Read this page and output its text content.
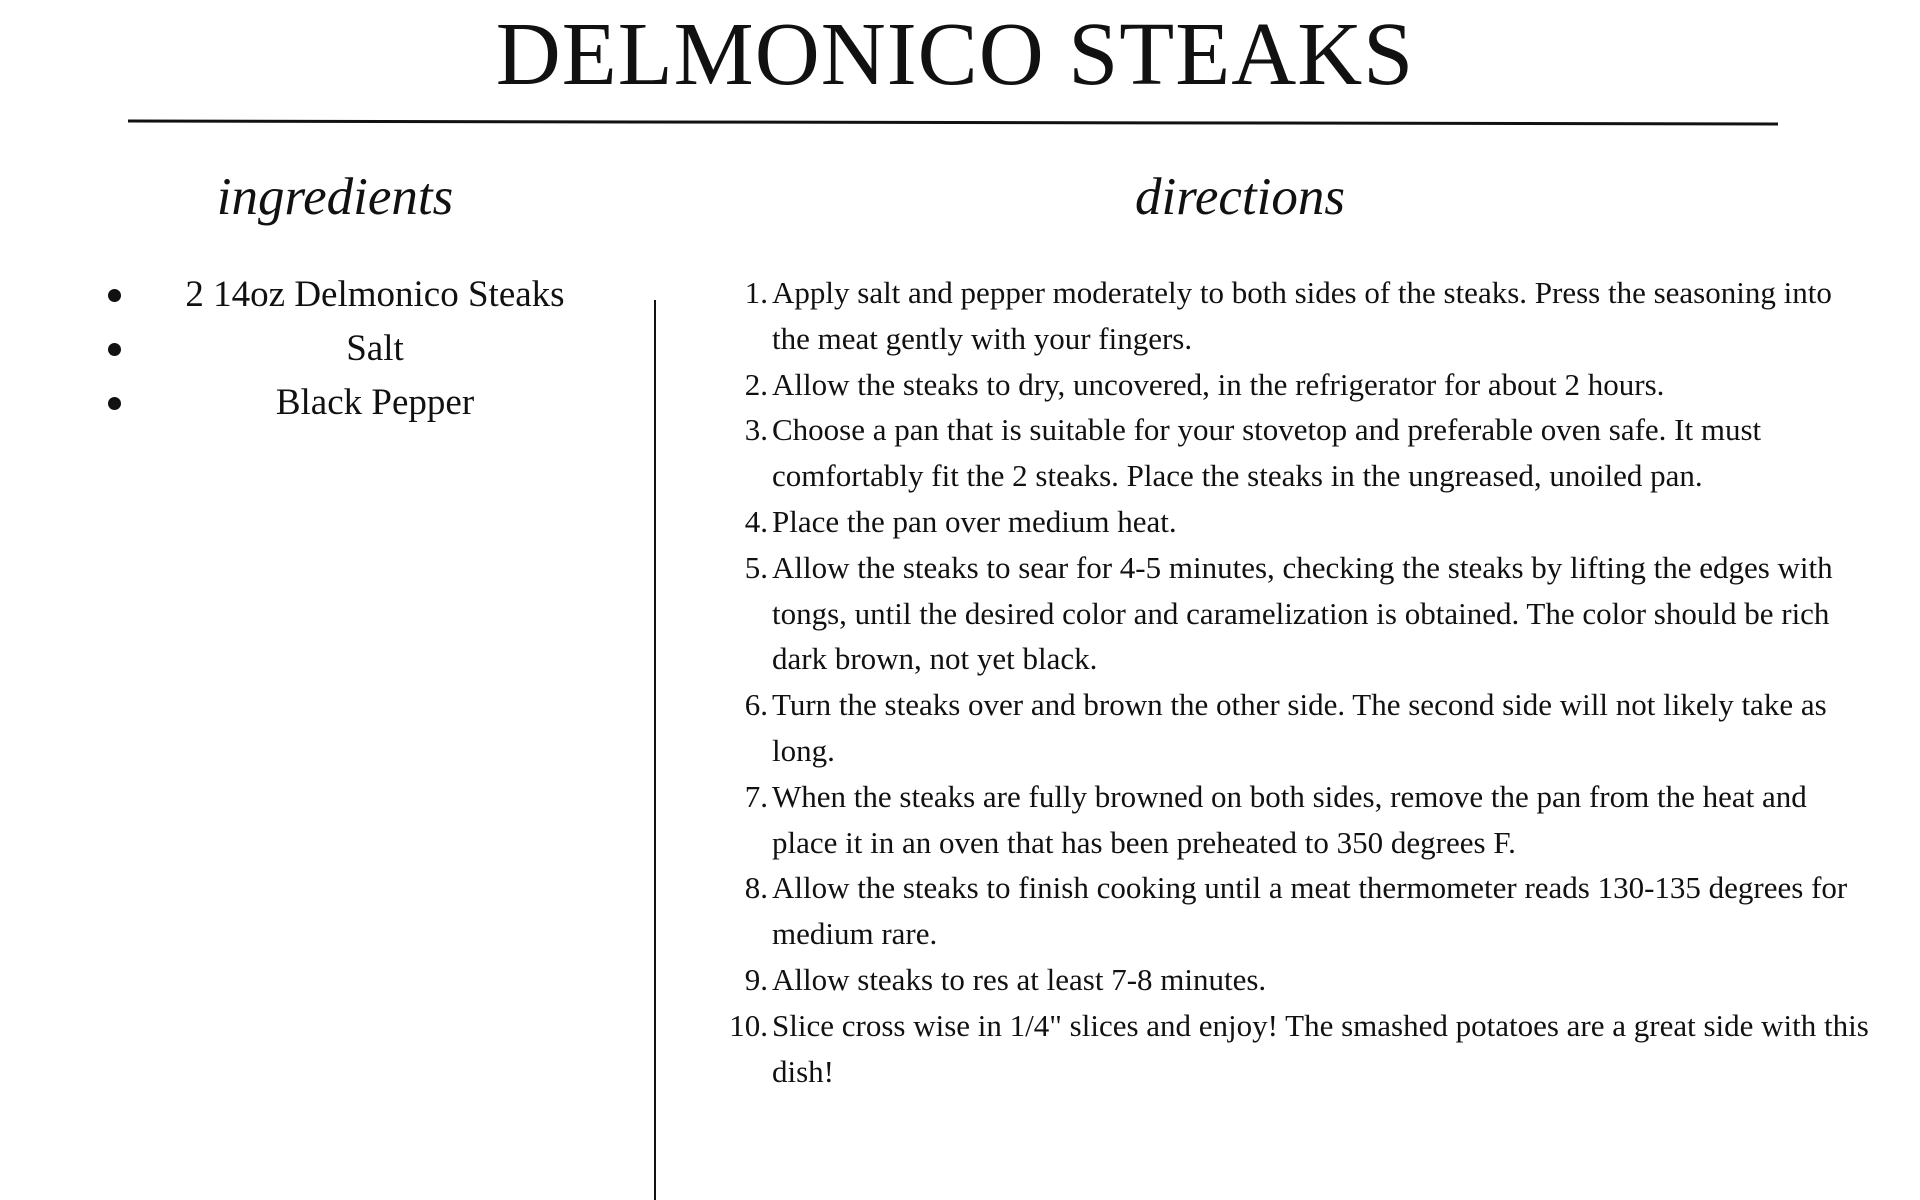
DELMONICO STEAKS
ingredients	directions
2 14oz Delmonico Steaks
Salt
Black Pepper
1. Apply salt and pepper moderately to both sides of the steaks. Press the seasoning into the meat gently with your fingers.
2. Allow the steaks to dry, uncovered, in the refrigerator for about 2 hours.
3. Choose a pan that is suitable for your stovetop and preferable oven safe. It must comfortably fit the 2 steaks. Place the steaks in the ungreased, unoiled pan.
4. Place the pan over medium heat.
5. Allow the steaks to sear for 4-5 minutes, checking the steaks by lifting the edges with tongs, until the desired color and caramelization is obtained. The color should be rich dark brown, not yet black.
6. Turn the steaks over and brown the other side. The second side will not likely take as long.
7. When the steaks are fully browned on both sides, remove the pan from the heat and place it in an oven that has been preheated to 350 degrees F.
8. Allow the steaks to finish cooking until a meat thermometer reads 130-135 degrees for medium rare.
9. Allow steaks to res at least 7-8 minutes.
10. Slice cross wise in 1/4" slices and enjoy! The smashed potatoes are a great side with this dish!
